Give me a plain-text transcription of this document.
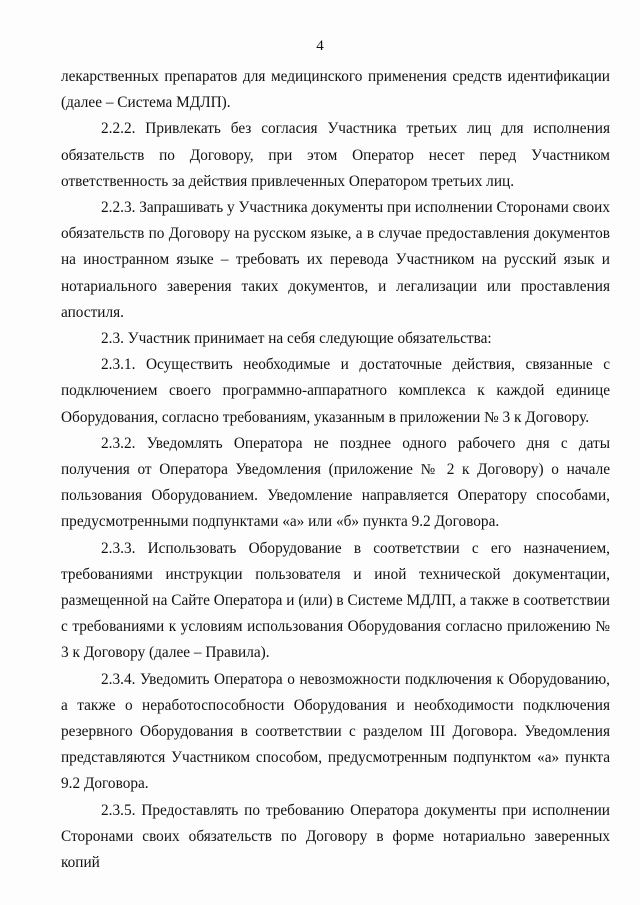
4

лекарственных препаратов для медицинского применения средств идентификации (далее – Система МДЛП).

2.2.2. Привлекать без согласия Участника третьих лиц для исполнения обязательств по Договору, при этом Оператор несет перед Участником ответственность за действия привлеченных Оператором третьих лиц.

2.2.3. Запрашивать у Участника документы при исполнении Сторонами своих обязательств по Договору на русском языке, а в случае предоставления документов на иностранном языке – требовать их перевода Участником на русский язык и нотариального заверения таких документов, и легализации или проставления апостиля.

2.3. Участник принимает на себя следующие обязательства:

2.3.1. Осуществить необходимые и достаточные действия, связанные с подключением своего программно-аппаратного комплекса к каждой единице Оборудования, согласно требованиям, указанным в приложении № 3 к Договору.

2.3.2. Уведомлять Оператора не позднее одного рабочего дня с даты получения от Оператора Уведомления (приложение № 2 к Договору) о начале пользования Оборудованием. Уведомление направляется Оператору способами, предусмотренными подпунктами «а» или «б» пункта 9.2 Договора.

2.3.3. Использовать Оборудование в соответствии с его назначением, требованиями инструкции пользователя и иной технической документации, размещенной на Сайте Оператора и (или) в Системе МДЛП, а также в соответствии с требованиями к условиям использования Оборудования согласно приложению № 3 к Договору (далее – Правила).

2.3.4. Уведомить Оператора о невозможности подключения к Оборудованию, а также о неработоспособности Оборудования и необходимости подключения резервного Оборудования в соответствии с разделом III Договора. Уведомления представляются Участником способом, предусмотренным подпунктом «а» пункта 9.2 Договора.

2.3.5. Предоставлять по требованию Оператора документы при исполнении Сторонами своих обязательств по Договору в форме нотариально заверенных копий
